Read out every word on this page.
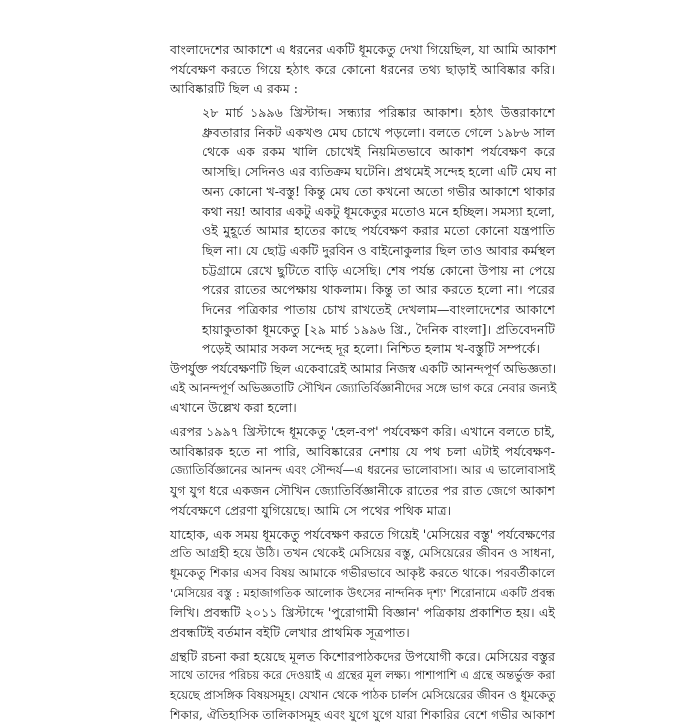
বাংলাদেশের আকাশে এ ধরনের একটি ধূমকেতু দেখা গিয়েছিল, যা আমি আকাশ
পর্যবেক্ষণ করতে গিয়ে হঠাৎ করে কোনো ধরনের তথ্য ছাড়াই আবিষ্কার করি।
আবিষ্কারটি ছিল এ রকম :
২৮ মার্চ ১৯৯৬ খ্রিস্টাব্দ। সন্ধ্যার পরিষ্কার আকাশ। হঠাৎ উত্তরাকাশে
ধ্রুবতারার নিকট একখণ্ড মেঘ চোখে পড়লো। বলতে গেলে ১৯৮৬ সাল
থেকে এক রকম খালি চোখেই নিয়মিতভাবে আকাশ পর্যবেক্ষণ করে
আসছি। সেদিনও এর ব্যতিক্রম ঘটেনি। প্রথমেই সন্দেহ হলো এটি মেঘ না
অন্য কোনো খ-বস্তু! কিন্তু মেঘ তো কখনো অতো গভীর আকাশে থাকার
কথা নয়! আবার একটু একটু ধূমকেতুর মতোও মনে হচ্ছিল। সমস্যা হলো,
ওই মুহূর্তে আমার হাতের কাছে পর্যবেক্ষণ করার মতো কোনো যন্ত্রপাতি
ছিল না। যে ছোট্ট একটি দুরবিন ও বাইনোকুলার ছিল তাও আবার কর্মস্থল
চট্টগ্রামে রেখে ছুটিতে বাড়ি এসেছি। শেষ পর্যন্ত কোনো উপায় না পেয়ে
পরের রাতের অপেক্ষায় থাকলাম। কিন্তু তা আর করতে হলো না। পরের
দিনের পত্রিকার পাতায় চোখ রাখতেই দেখলাম—বাংলাদেশের আকাশে
হায়াকুতাকা ধূমকেতু [২৯ মার্চ ১৯৯৬ খ্রি., দৈনিক বাংলা]। প্রতিবেদনটি
পড়েই আমার সকল সন্দেহ দূর হলো। নিশ্চিত হলাম খ-বস্তুটি সম্পর্কে।
উপর্যুক্ত পর্যবেক্ষণটি ছিল একেবারেই আমার নিজস্ব একটি আনন্দপূর্ণ অভিজ্ঞতা।
এই আনন্দপূর্ণ অভিজ্ঞতাটি সৌখিন জ্যোতির্বিজ্ঞানীদের সঙ্গে ভাগ করে নেবার জন্যই
এখানে উল্লেখ করা হলো।
এরপর ১৯৯৭ খ্রিস্টাব্দে ধূমকেতু 'হেল-বপ' পর্যবেক্ষণ করি। এখানে বলতে চাই,
আবিষ্কারক হতে না পারি, আবিষ্কারের নেশায় যে পথ চলা এটাই পর্যবেক্ষণ-
জ্যোতির্বিজ্ঞানের আনন্দ এবং সৌন্দর্য—এ ধরনের ভালোবাসা। আর এ ভালোবাসাই
যুগ যুগ ধরে একজন সৌখিন জ্যোতির্বিজ্ঞানীকে রাতের পর রাত জেগে আকাশ
পর্যবেক্ষণে প্রেরণা যুগিয়েছে। আমি সে পথের পথিক মাত্র।
যাহোক, এক সময় ধূমকেতু পর্যবেক্ষণ করতে গিয়েই 'মেসিয়ের বস্তু' পর্যবেক্ষণের
প্রতি আগ্রহী হয়ে উঠি। তখন থেকেই মেসিয়ের বস্তু, মেসিয়েরের জীবন ও সাধনা,
ধূমকেতু শিকার এসব বিষয় আমাকে গভীরভাবে আকৃষ্ট করতে থাকে। পরবর্তীকালে
'মেসিয়ের বস্তু : মহাজাগতিক আলোক উৎসের নান্দনিক দৃশ্য' শিরোনামে একটি প্রবন্ধ
লিখি। প্রবন্ধটি ২০১১ খ্রিস্টাব্দে 'পুরোগামী বিজ্ঞান' পত্রিকায় প্রকাশিত হয়। এই
প্রবন্ধটিই বর্তমান বইটি লেখার প্রাথমিক সূত্রপাত।
গ্রন্থটি রচনা করা হয়েছে মূলত কিশোরপাঠকদের উপযোগী করে। মেসিয়ের বস্তুর
সাথে তাদের পরিচয় করে দেওয়াই এ গ্রন্থের মূল লক্ষ্য। পাশাপাশি এ গ্রন্থে অন্তর্ভুক্ত করা
হয়েছে প্রাসঙ্গিক বিষয়সমূহ। যেখান থেকে পাঠক চার্লস মেসিয়েরের জীবন ও ধূমকেতু
শিকার, ঐতিহাসিক তালিকাসমূহ এবং যুগে যুগে যারা শিকারির বেশে গভীর আকাশ
